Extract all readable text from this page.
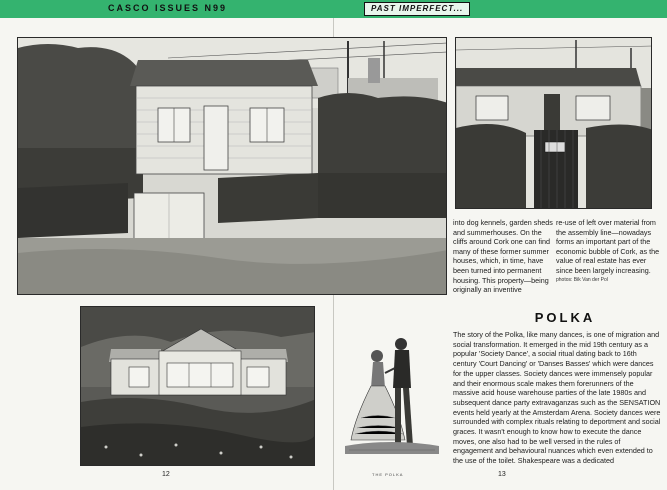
CASCO ISSUES N99	PAST IMPERFECT...
into dog kennels, garden sheds and summerhouses. On the cliffs around Cork one can find many of these former summer houses, which, in time, have been turned into permanent housing. This property—being originally an inventive
re-use of left over material from the assembly line—nowadays forms an important part of the economic bubble of Cork, as the value of real estate has ever since been largely increasing.
photos: Bik Van der Pol
POLKA
THE POLKA
The story of the Polka, like many dances, is one of migration and social transformation. It emerged in the mid 19th century as a popular 'Society Dance', a social ritual dating back to 16th century 'Court Dancing' or 'Danses Basses' which were dances for the upper classes. Society dances were immensely popular and their enormous scale makes them forerunners of the massive acid house warehouse parties of the late 1980s and subsequent dance party extravaganzas such as the SENSATION events held yearly at the Amsterdam Arena. Society dances were surrounded with complex rituals relating to deportment and social graces. It wasn't enough to know how to execute the dance moves, one also had to be well versed in the rules of engagement and behavioural nuances which even extended to the use of the toilet. Shakespeare was a dedicated
12	13
